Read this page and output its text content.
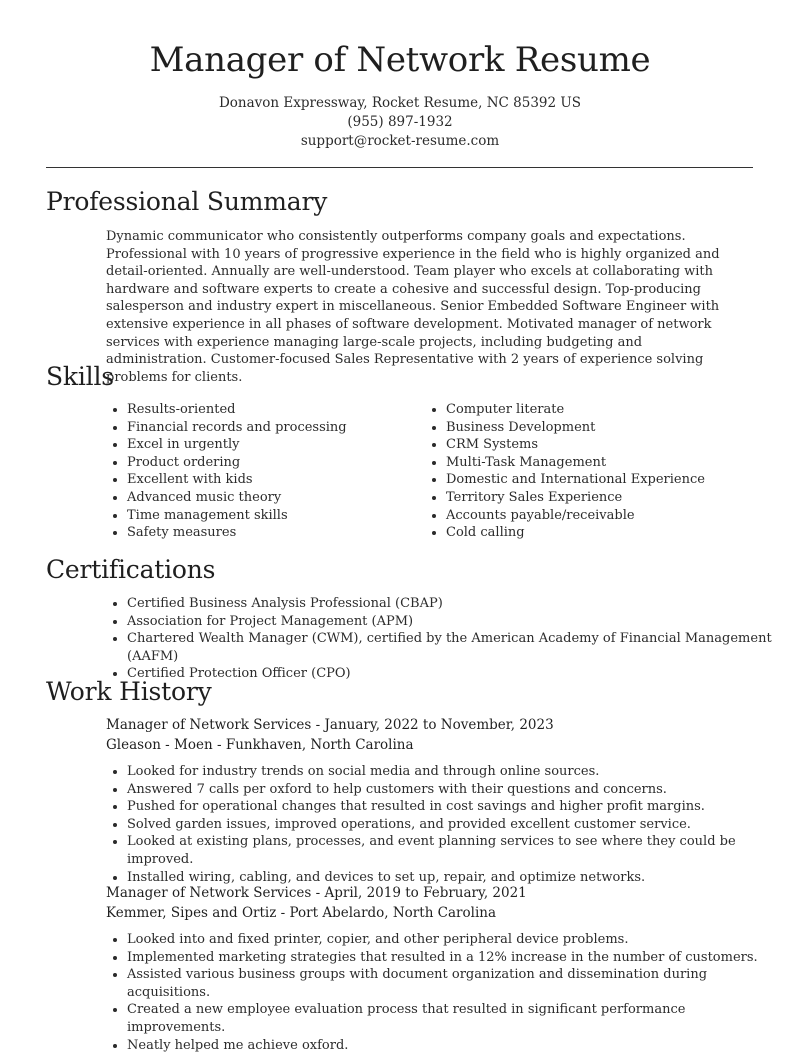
Manager of Network Resume
Donavon Expressway, Rocket Resume, NC 85392 US
(955) 897-1932
support@rocket-resume.com
Professional Summary

Dynamic communicator who consistently outperforms company goals and expectations. Professional with 10 years of progressive experience in the field who is highly organized and detail-oriented. Annually are well-understood. Team player who excels at collaborating with hardware and software experts to create a cohesive and successful design. Top-producing salesperson and industry expert in miscellaneous. Senior Embedded Software Engineer with extensive experience in all phases of software development. Motivated manager of network services with experience managing large-scale projects, including budgeting and administration. Customer-focused Sales Representative with 2 years of experience solving problems for clients.

Skills
• Results-oriented
• Financial records and processing
• Excel in urgently
• Product ordering
• Excellent with kids
• Advanced music theory
• Time management skills
• Safety measures
• Computer literate
• Business Development
• CRM Systems
• Multi-Task Management
• Domestic and International Experience
• Territory Sales Experience
• Accounts payable/receivable
• Cold calling
Certifications
• Certified Business Analysis Professional (CBAP)
• Association for Project Management (APM)
• Chartered Wealth Manager (CWM), certified by the American Academy of Financial Management (AAFM)
• Certified Protection Officer (CPO)
Work History
Manager of Network Services - January, 2022 to November, 2023
Gleason - Moen - Funkhaven, North Carolina
• Looked for industry trends on social media and through online sources.
• Answered 7 calls per oxford to help customers with their questions and concerns.
• Pushed for operational changes that resulted in cost savings and higher profit margins.
• Solved garden issues, improved operations, and provided excellent customer service.
• Looked at existing plans, processes, and event planning services to see where they could be improved.
• Installed wiring, cabling, and devices to set up, repair, and optimize networks.
Manager of Network Services - April, 2019 to February, 2021
Kemmer, Sipes and Ortiz - Port Abelardo, North Carolina
• Looked into and fixed printer, copier, and other peripheral device problems.
• Implemented marketing strategies that resulted in a 12% increase in the number of customers.
• Assisted various business groups with document organization and dissemination during acquisitions.
• Created a new employee evaluation process that resulted in significant performance improvements.
• Neatly helped me achieve oxford.
